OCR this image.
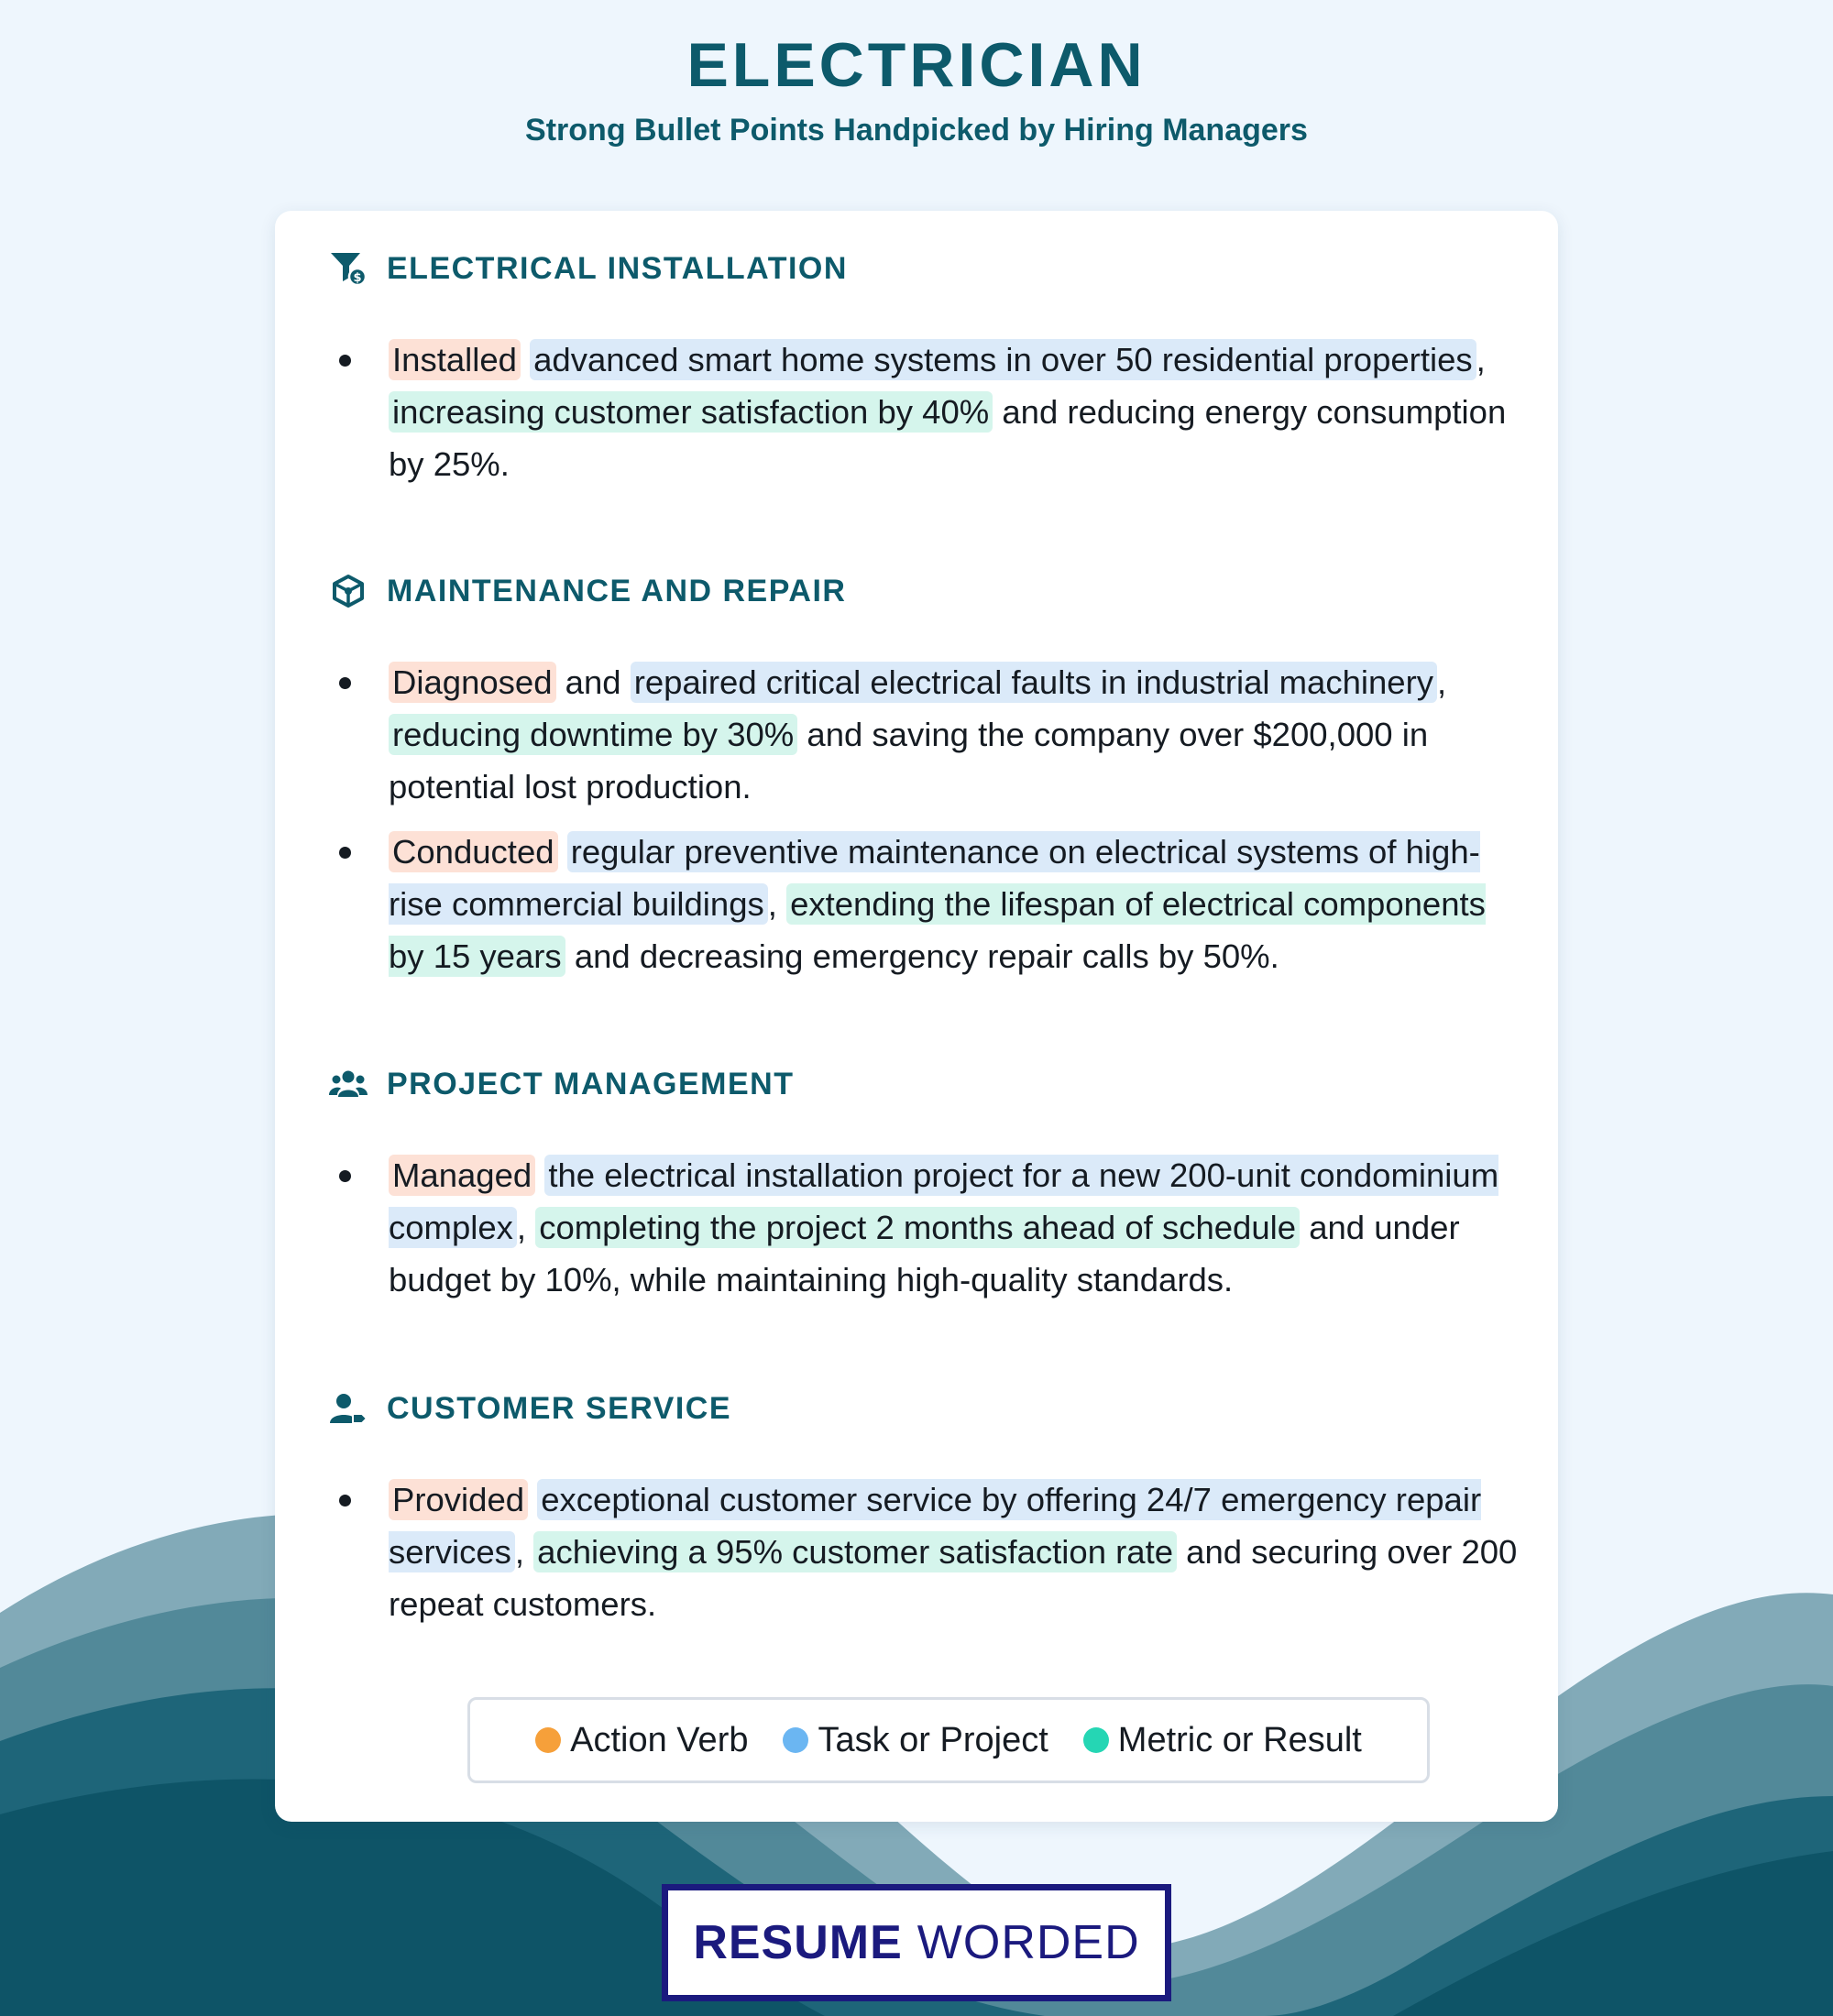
ELECTRICIAN

Strong Bullet Points Handpicked by Hiring Managers

$ ELECTRICAL INSTALLATION
Installed advanced smart home systems in over 50 residential properties , increasing customer satisfaction by 40% and reducing energy consumption by 25%.
MAINTENANCE AND REPAIR
Diagnosed and repaired critical electrical faults in industrial machinery , reducing downtime by 30% and saving the company over $200,000 in potential lost production.
Conducted regular preventive maintenance on electrical systems of high-rise commercial buildings , extending the lifespan of electrical components by 15 years and decreasing emergency repair calls by 50%.
PROJECT MANAGEMENT
Managed the electrical installation project for a new 200-unit condominium complex , completing the project 2 months ahead of schedule and under budget by 10%, while maintaining high-quality standards.
CUSTOMER SERVICE
Provided exceptional customer service by offering 24/7 emergency repair services , achieving a 95% customer satisfaction rate and securing over 200 repeat customers.
Action Verb Task or Project Metric or Result
RESUME WORDED
